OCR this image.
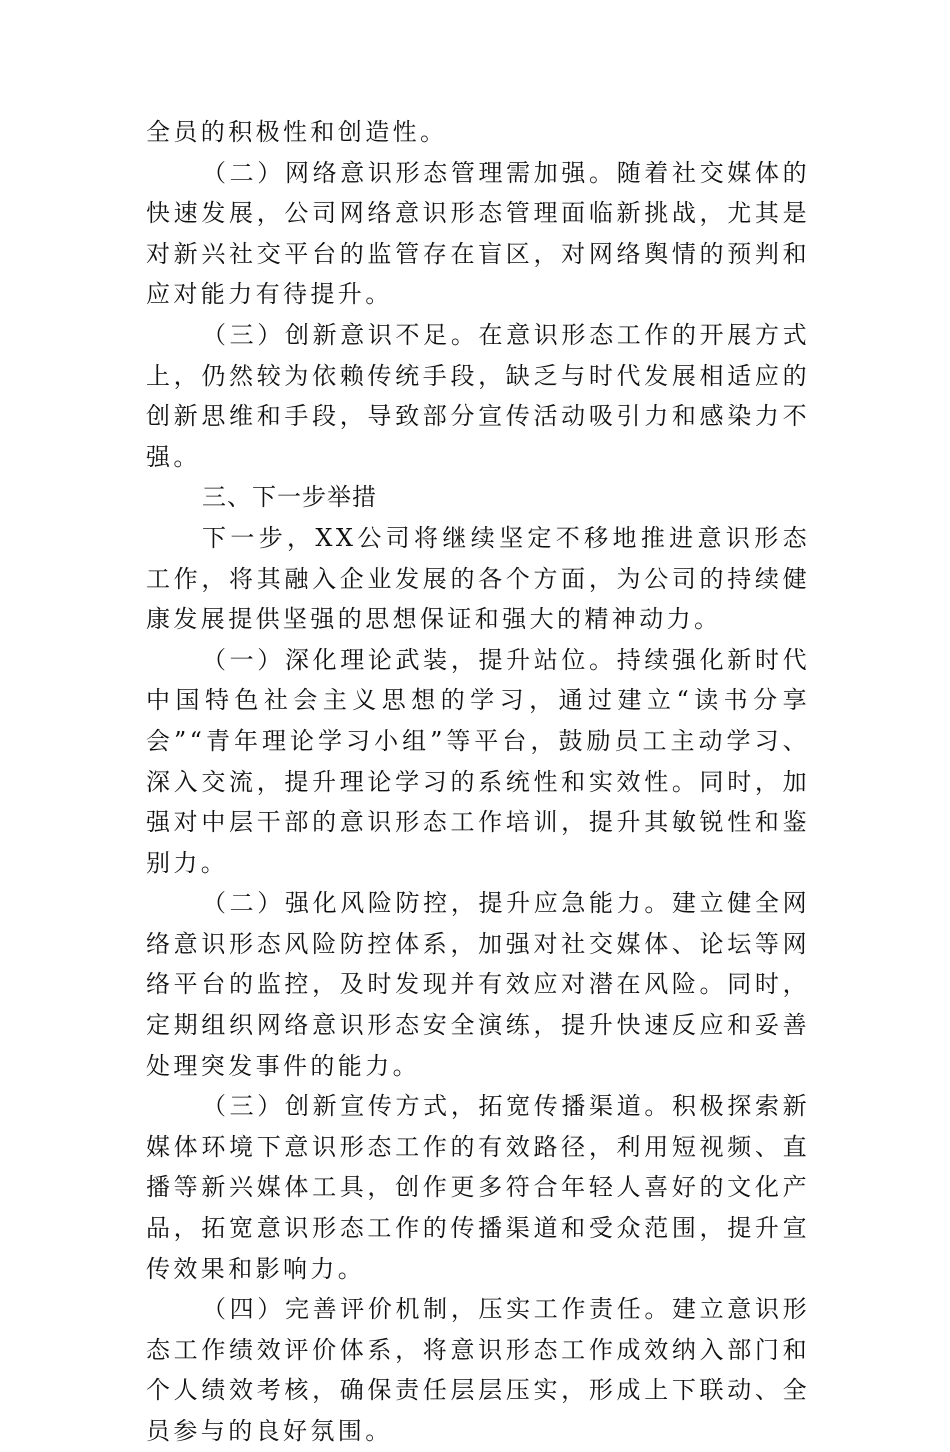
全员的积极性和创造性。

（二）网络意识形态管理需加强。随着社交媒体的快速发展，公司网络意识形态管理面临新挑战，尤其是对新兴社交平台的监管存在盲区，对网络舆情的预判和应对能力有待提升。

（三）创新意识不足。在意识形态工作的开展方式上，仍然较为依赖传统手段，缺乏与时代发展相适应的创新思维和手段，导致部分宣传活动吸引力和感染力不强。

三、下一步举措

下一步，XX公司将继续坚定不移地推进意识形态工作，将其融入企业发展的各个方面，为公司的持续健康发展提供坚强的思想保证和强大的精神动力。

（一）深化理论武装，提升站位。持续强化新时代中国特色社会主义思想的学习，通过建立“读书分享会”“青年理论学习小组”等平台，鼓励员工主动学习、深入交流，提升理论学习的系统性和实效性。同时，加强对中层干部的意识形态工作培训，提升其敏锐性和鉴别力。

（二）强化风险防控，提升应急能力。建立健全网络意识形态风险防控体系，加强对社交媒体、论坛等网络平台的监控，及时发现并有效应对潜在风险。同时，定期组织网络意识形态安全演练，提升快速反应和妥善处理突发事件的能力。

（三）创新宣传方式，拓宽传播渠道。积极探索新媒体环境下意识形态工作的有效路径，利用短视频、直播等新兴媒体工具，创作更多符合年轻人喜好的文化产品，拓宽意识形态工作的传播渠道和受众范围，提升宣传效果和影响力。

（四）完善评价机制，压实工作责任。建立意识形态工作绩效评价体系，将意识形态工作成效纳入部门和个人绩效考核，确保责任层层压实，形成上下联动、全员参与的良好氛围。
